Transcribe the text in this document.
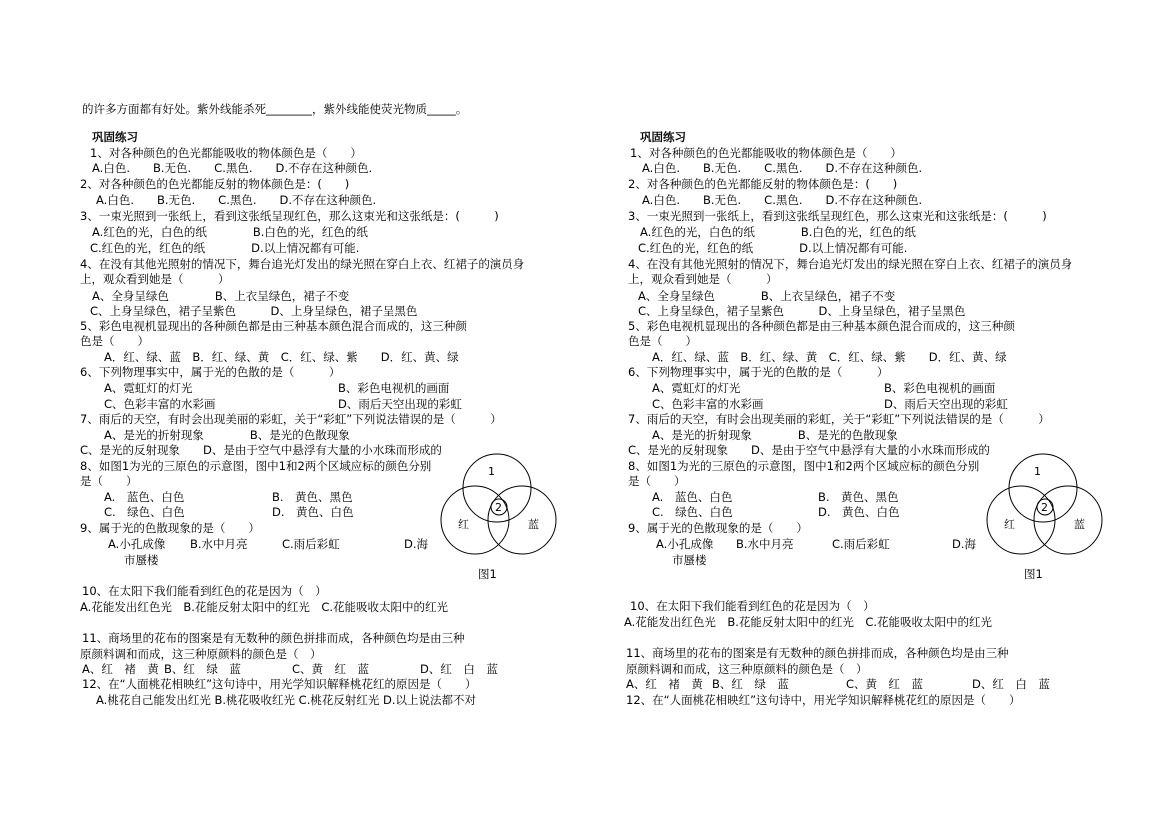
的许多方面都有好处。紫外线能杀死________，紫外线能使荧光物质_____。
巩固练习
1、对各种颜色的色光都能吸收的物体颜色是（　　）
A.白色.　　B.无色.　　C.黑色.　　D.不存在这种颜色.
2、对各种颜色的色光都能反射的物体颜色是：(　　)
A.白色.　　B.无色.　　C.黑色.　　D.不存在这种颜色.
3、一束光照到一张纸上，看到这张纸呈现红色，那么这束光和这张纸是：(　　　)
A.红色的光，白色的纸　　　　B.白色的光，红色的纸
C.红色的光，红色的纸　　　　D.以上情况都有可能.
4、在没有其他光照射的情况下，舞台追光灯发出的绿光照在穿白上衣、红裙子的演员身
上，观众看到她是（　　　）
A、全身呈绿色　　　　B、上衣呈绿色，裙子不变
C、上身呈绿色，裙子呈紫色　　　D、上身呈绿色，裙子呈黑色
5、彩色电视机显现出的各种颜色都是由三种基本颜色混合而成的，这三种颜
色是（　　）
A．红、绿、蓝　B．红、绿、黄　C．红、绿、紫　　D．红、黄、绿
6、下列物理事实中，属于光的色散的是（　　　）
A、霓虹灯的灯光	B、彩色电视机的画面
C、色彩丰富的水彩画	D、雨后天空出现的彩虹
7、雨后的天空，有时会出现美丽的彩虹，关于“彩虹”下列说法错误的是（　　　）
A、是光的折射现象　　　　B、是光的色散现象
C、是光的反射现象　　D、是由于空气中悬浮有大量的小水珠而形成的
8、如图1为光的三原色的示意图，图中1和2两个区域应标的颜色分别
是（　　）
A.　蓝色、白色	B.　黄色、黑色
C.　绿色、白色	D.　黄色、白色
9、属于光的色散现象的是（　　）
A.小孔成像 B.水中月亮	C.雨后彩虹	D.海
市蜃楼
10、在太阳下我们能看到红色的花是因为（　）
A.花能发出红色光　B.花能反射太阳中的红光　C.花能吸收太阳中的红光
11、商场里的花布的图案是有无数种的颜色拼排而成，各种颜色均是由三种
原颜料调和而成，这三种原颜料的颜色是（　）
A、红　褚　黄 B、红　绿　蓝	C、黄　红　蓝	D、红　白　蓝
12、在“人面桃花相映红”这句诗中，用光学知识解释桃花红的原因是（　　）
A.桃花自己能发出红光 B.桃花吸收红光 C.桃花反射红光 D.以上说法都不对
1
2
红	蓝
图1
巩固练习
1、对各种颜色的色光都能吸收的物体颜色是（　　）
A.白色.　　B.无色.　　C.黑色.　　D.不存在这种颜色.
2、对各种颜色的色光都能反射的物体颜色是：(　　)
A.白色.　　B.无色.　　C.黑色.　　D.不存在这种颜色.
3、一束光照到一张纸上，看到这张纸呈现红色，那么这束光和这张纸是：(　　　)
A.红色的光，白色的纸　　　　B.白色的光，红色的纸
C.红色的光，红色的纸　　　　D.以上情况都有可能.
4、在没有其他光照射的情况下，舞台追光灯发出的绿光照在穿白上衣、红裙子的演员身
上，观众看到她是（　　　）
A、全身呈绿色　　　　B、上衣呈绿色，裙子不变
C、上身呈绿色，裙子呈紫色　　　D、上身呈绿色，裙子呈黑色
5、彩色电视机显现出的各种颜色都是由三种基本颜色混合而成的，这三种颜
色是（　　）
A．红、绿、蓝　B．红、绿、黄　C．红、绿、紫　　D．红、黄、绿
6、下列物理事实中，属于光的色散的是（　　　）
A、霓虹灯的灯光	B、彩色电视机的画面
C、色彩丰富的水彩画	D、雨后天空出现的彩虹
7、雨后的天空，有时会出现美丽的彩虹，关于“彩虹”下列说法错误的是（　　　）
A、是光的折射现象　　　　B、是光的色散现象
C、是光的反射现象　　D、是由于空气中悬浮有大量的小水珠而形成的
8、如图1为光的三原色的示意图，图中1和2两个区域应标的颜色分别
是（　　）
A.　蓝色、白色	B.　黄色、黑色
C.　绿色、白色	D.　黄色、白色
9、属于光的色散现象的是（　　）
A.小孔成像 B.水中月亮	C.雨后彩虹	D.海
市蜃楼
10、在太阳下我们能看到红色的花是因为（　）
A.花能发出红色光　B.花能反射太阳中的红光　C.花能吸收太阳中的红光
11、商场里的花布的图案是有无数种的颜色拼排而成，各种颜色均是由三种
原颜料调和而成，这三种原颜料的颜色是（　）
A、红　褚　黄 B、红　绿　蓝	C、黄　红　蓝	D、红　白　蓝
12、在“人面桃花相映红”这句诗中，用光学知识解释桃花红的原因是（　　）
1
2
红	蓝
图1
